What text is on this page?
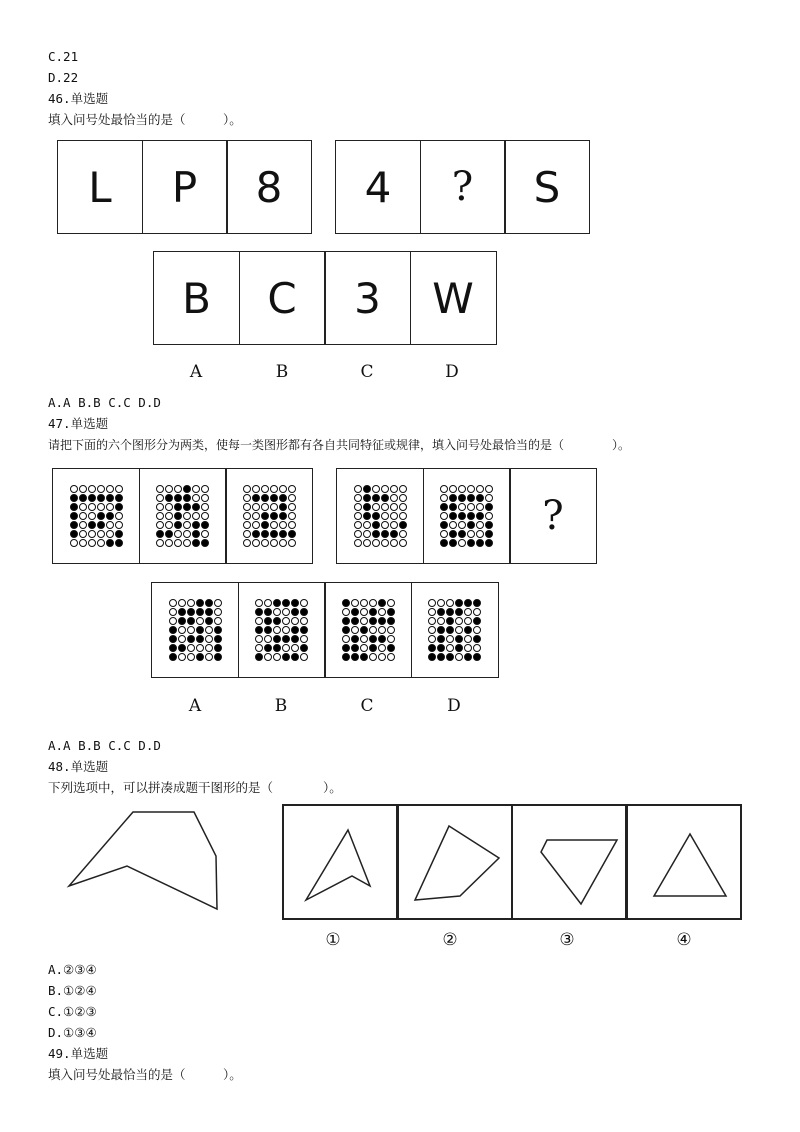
C.21
D.22
46.单选题
填入问号处最恰当的是（　　　）。
L	P	8	4	?	S
B	C	3	W
A	B	C	D
A.A B.B C.C D.D
47.单选题
请把下面的六个图形分为两类，使每一类图形都有各自共同特征或规律，填入问号处最恰当的是（　　　　）。
?
A	B	C	D
A.A B.B C.C D.D
48.单选题
下列选项中，可以拼凑成题干图形的是（　　　　）。
①	②	③	④
A.②③④
B.①②④
C.①②③
D.①③④
49.单选题
填入问号处最恰当的是（　　　）。
